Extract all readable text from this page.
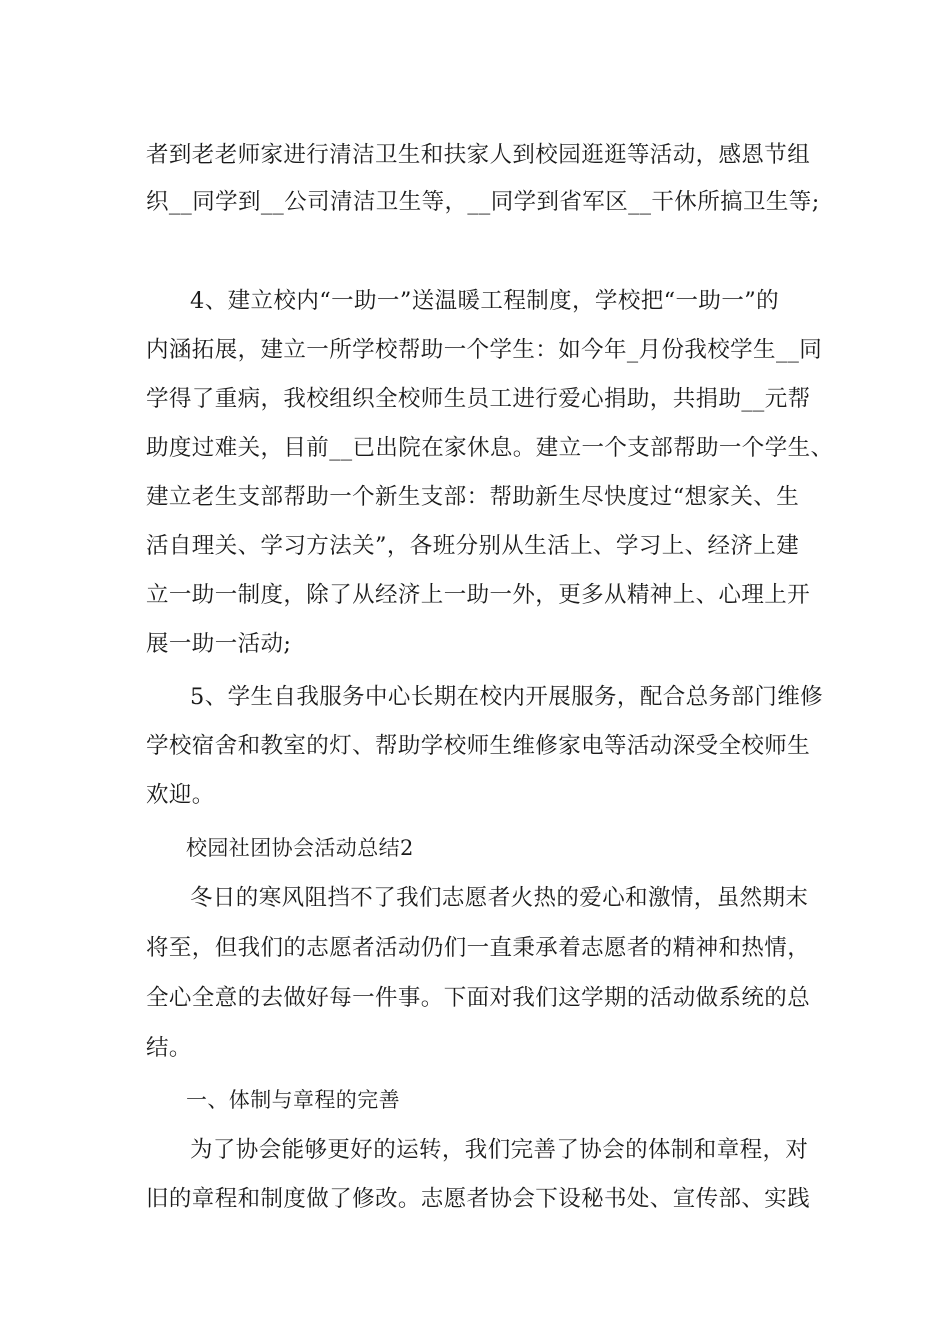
者到老老师家进行清洁卫生和扶家人到校园逛逛等活动，感恩节组
织__同学到__公司清洁卫生等，__同学到省军区__干休所搞卫生等;
4、建立校内“一助一”送温暖工程制度，学校把“一助一”的
内涵拓展，建立一所学校帮助一个学生：如今年_月份我校学生__同
学得了重病，我校组织全校师生员工进行爱心捐助，共捐助__元帮
助度过难关，目前__已出院在家休息。建立一个支部帮助一个学生、
建立老生支部帮助一个新生支部：帮助新生尽快度过“想家关、生
活自理关、学习方法关”，各班分别从生活上、学习上、经济上建
立一助一制度，除了从经济上一助一外，更多从精神上、心理上开
展一助一活动;
5、学生自我服务中心长期在校内开展服务，配合总务部门维修
学校宿舍和教室的灯、帮助学校师生维修家电等活动深受全校师生
欢迎。
校园社团协会活动总结2
冬日的寒风阻挡不了我们志愿者火热的爱心和激情，虽然期末
将至，但我们的志愿者活动仍们一直秉承着志愿者的精神和热情，
全心全意的去做好每一件事。下面对我们这学期的活动做系统的总
结。
一、体制与章程的完善
为了协会能够更好的运转，我们完善了协会的体制和章程，对
旧的章程和制度做了修改。志愿者协会下设秘书处、宣传部、实践
